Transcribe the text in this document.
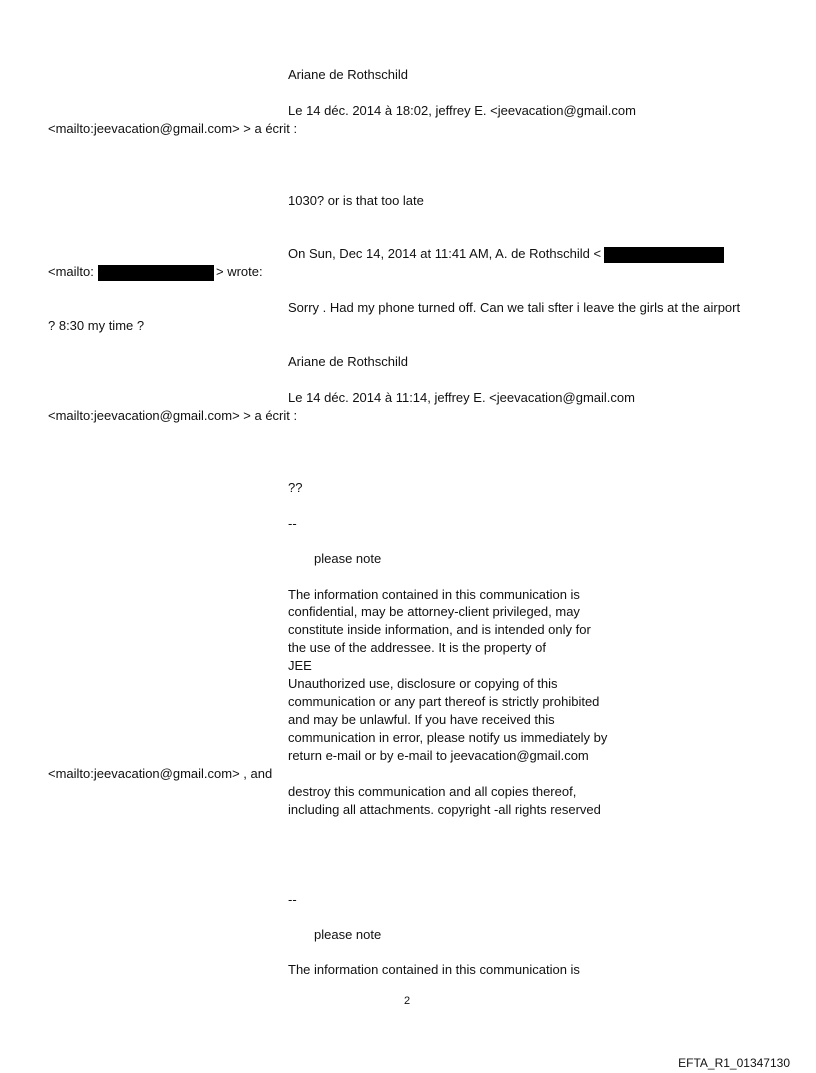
Ariane de Rothschild
Le 14 déc. 2014 à 18:02, jeffrey E. <jeevacation@gmail.com
<mailto:jeevacation@gmail.com> > a écrit :
1030? or is that too late
On Sun, Dec 14, 2014 at 11:41 AM, A. de Rothschild <
<mailto:	> wrote:
Sorry . Had my phone turned off. Can we tali sfter i leave the girls at the airport
? 8:30 my time ?
Ariane de Rothschild
Le 14 déc. 2014 à 11:14, jeffrey E. <jeevacation@gmail.com
<mailto:jeevacation@gmail.com> > a écrit :
??
--
please note
The information contained in this communication is
confidential, may be attorney-client privileged, may
constitute inside information, and is intended only for
the use of the addressee. It is the property of
JEE
Unauthorized use, disclosure or copying of this
communication or any part thereof is strictly prohibited
and may be unlawful. If you have received this
communication in error, please notify us immediately by
return e-mail or by e-mail to jeevacation@gmail.com
<mailto:jeevacation@gmail.com> , and
destroy this communication and all copies thereof,
including all attachments. copyright -all rights reserved
--
please note
The information contained in this communication is
2
EFTA_R1_01347130
